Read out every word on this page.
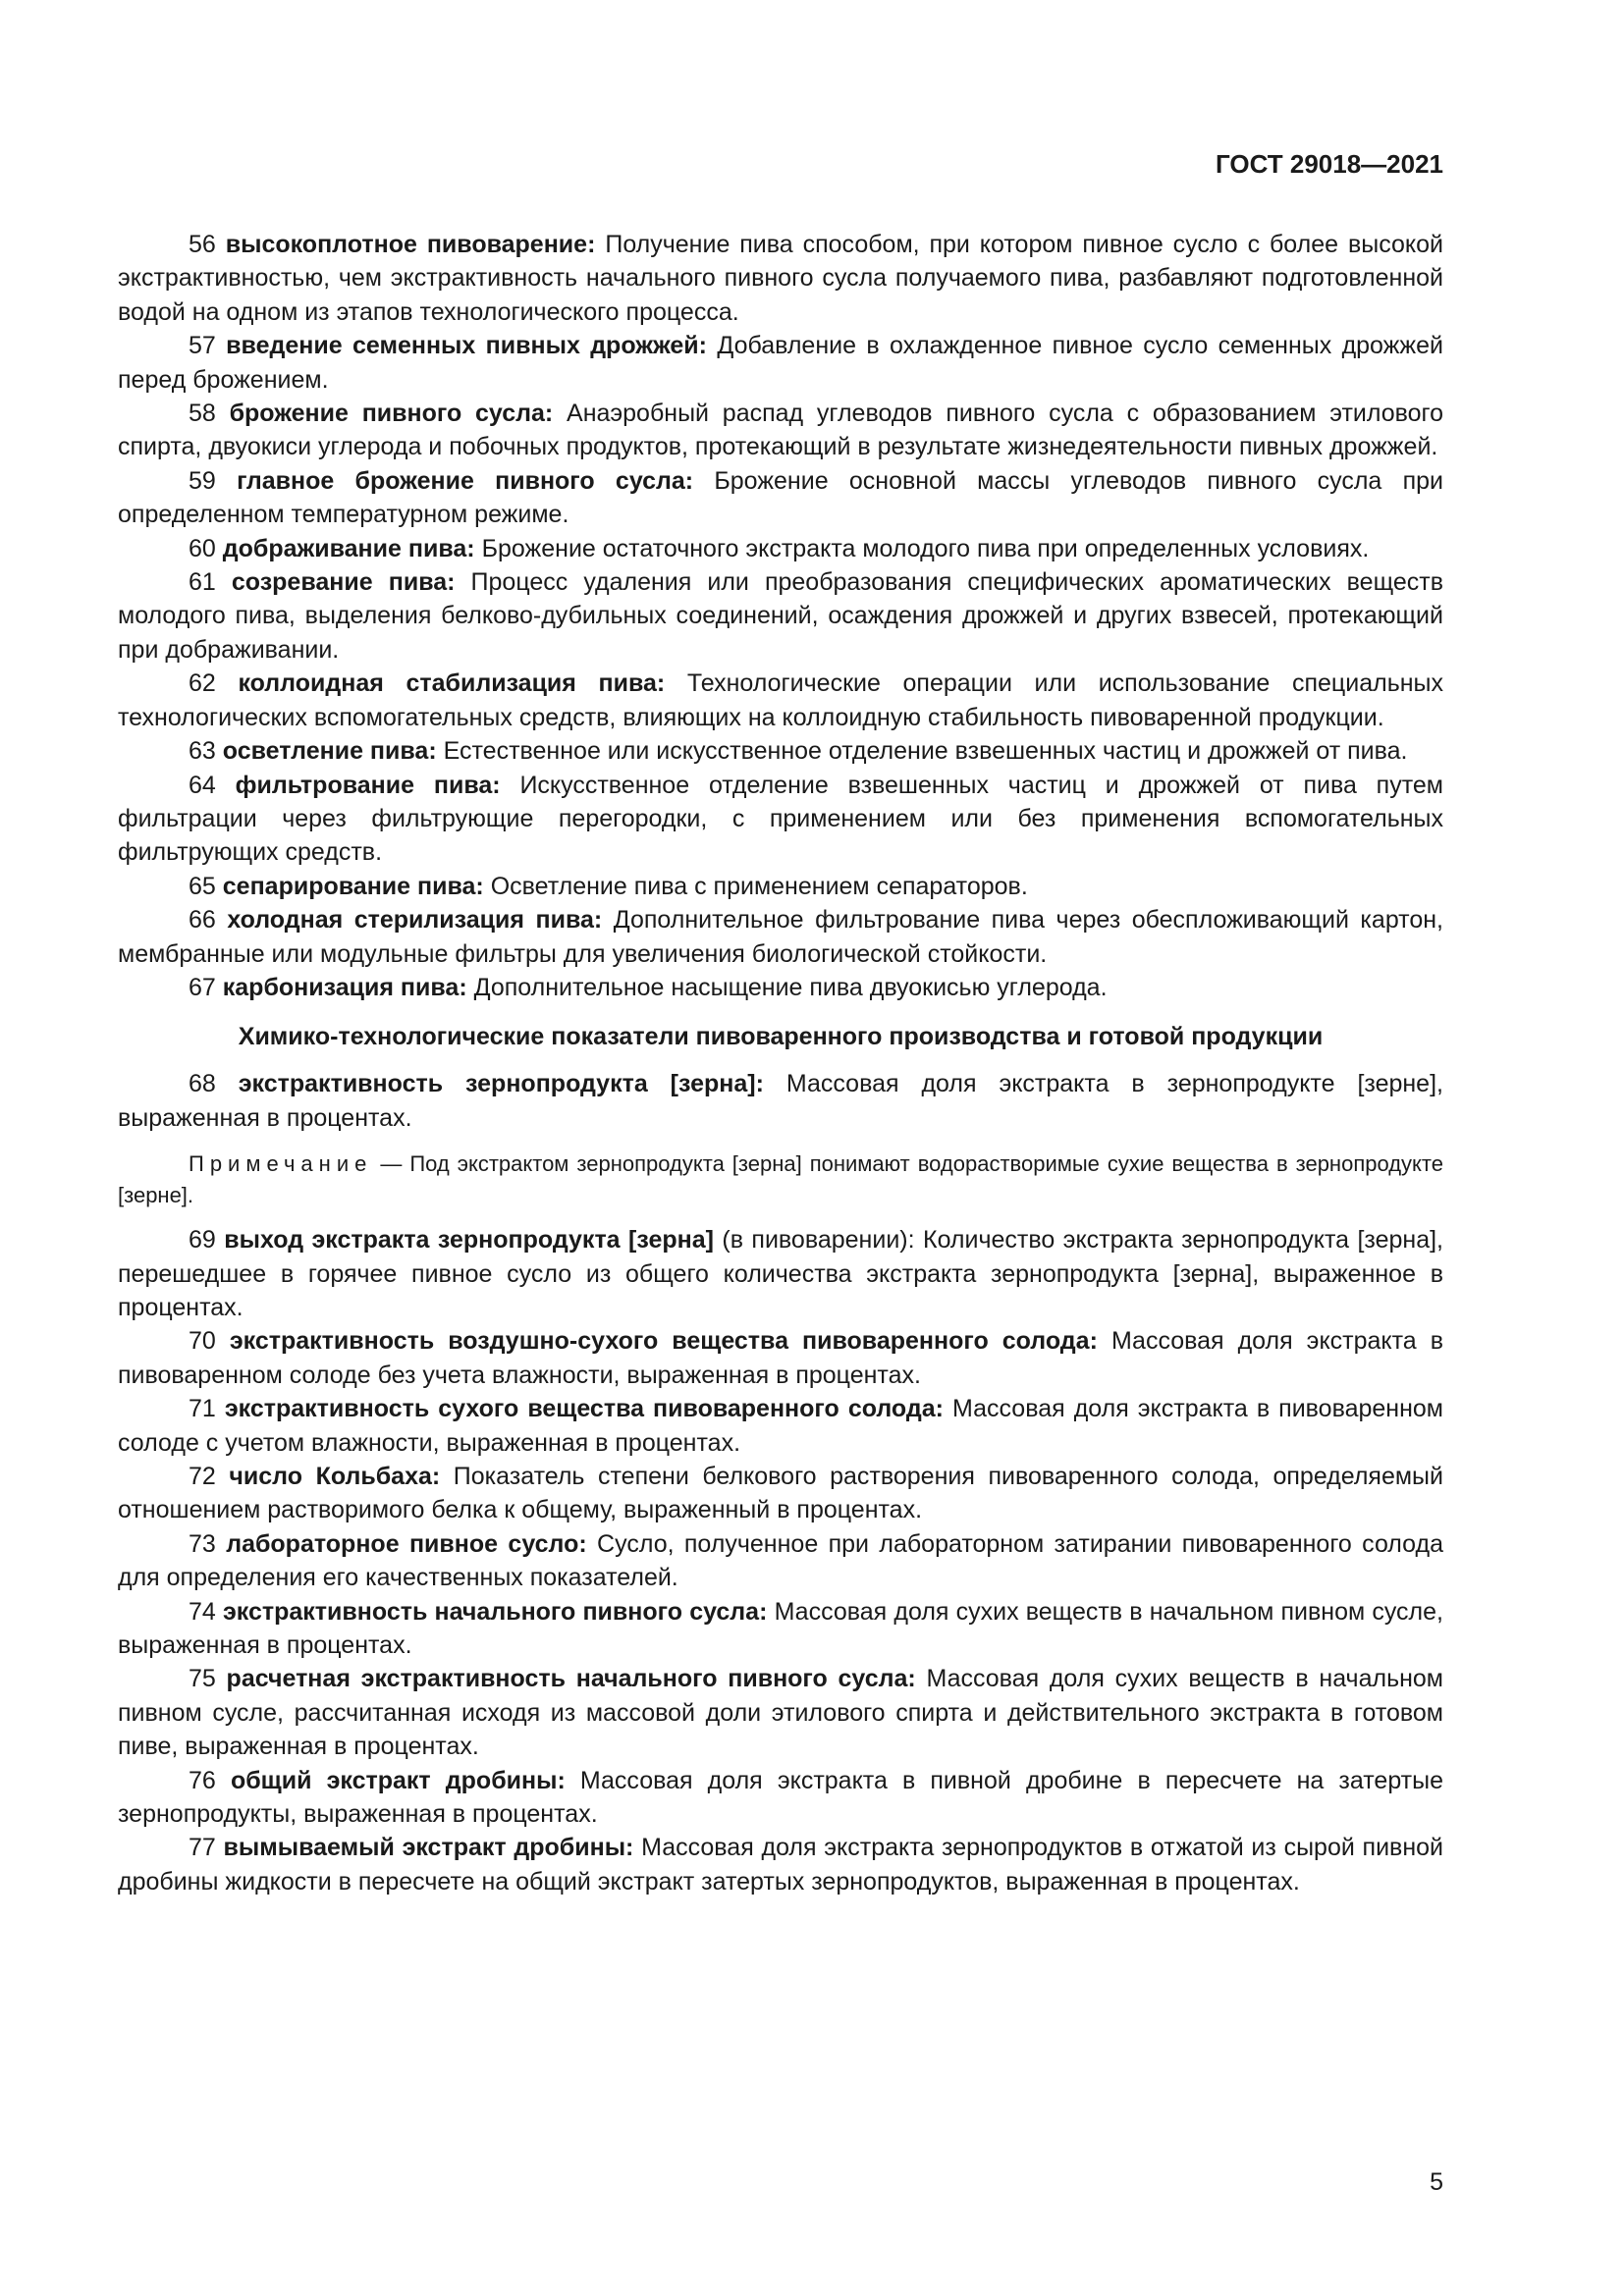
ГОСТ 29018—2021

56 высокоплотное пивоварение: Получение пива способом, при котором пивное сусло с более высокой экстрактивностью, чем экстрактивность начального пивного сусла получаемого пива, разбавляют подготовленной водой на одном из этапов технологического процесса.

57 введение семенных пивных дрожжей: Добавление в охлажденное пивное сусло семенных дрожжей перед брожением.

58 брожение пивного сусла: Анаэробный распад углеводов пивного сусла с образованием этилового спирта, двуокиси углерода и побочных продуктов, протекающий в результате жизнедеятельности пивных дрожжей.

59 главное брожение пивного сусла: Брожение основной массы углеводов пивного сусла при определенном температурном режиме.

60 дображивание пива: Брожение остаточного экстракта молодого пива при определенных условиях.

61 созревание пива: Процесс удаления или преобразования специфических ароматических веществ молодого пива, выделения белково-дубильных соединений, осаждения дрожжей и других взвесей, протекающий при дображивании.

62 коллоидная стабилизация пива: Технологические операции или использование специальных технологических вспомогательных средств, влияющих на коллоидную стабильность пивоваренной продукции.

63 осветление пива: Естественное или искусственное отделение взвешенных частиц и дрожжей от пива.

64 фильтрование пива: Искусственное отделение взвешенных частиц и дрожжей от пива путем фильтрации через фильтрующие перегородки, с применением или без применения вспомогательных фильтрующих средств.

65 сепарирование пива: Осветление пива с применением сепараторов.

66 холодная стерилизация пива: Дополнительное фильтрование пива через обеспложивающий картон, мембранные или модульные фильтры для увеличения биологической стойкости.

67 карбонизация пива: Дополнительное насыщение пива двуокисью углерода.

Химико-технологические показатели пивоваренного производства и готовой продукции

68 экстрактивность зернопродукта [зерна]: Массовая доля экстракта в зернопродукте [зерне], выраженная в процентах.

Примечание — Под экстрактом зернопродукта [зерна] понимают водорастворимые сухие вещества в зернопродукте [зерне].

69 выход экстракта зернопродукта [зерна] (в пивоварении): Количество экстракта зернопродукта [зерна], перешедшее в горячее пивное сусло из общего количества экстракта зернопродукта [зерна], выраженное в процентах.

70 экстрактивность воздушно-сухого вещества пивоваренного солода: Массовая доля экстракта в пивоваренном солоде без учета влажности, выраженная в процентах.

71 экстрактивность сухого вещества пивоваренного солода: Массовая доля экстракта в пивоваренном солоде с учетом влажности, выраженная в процентах.

72 число Кольбаха: Показатель степени белкового растворения пивоваренного солода, определяемый отношением растворимого белка к общему, выраженный в процентах.

73 лабораторное пивное сусло: Сусло, полученное при лабораторном затирании пивоваренного солода для определения его качественных показателей.

74 экстрактивность начального пивного сусла: Массовая доля сухих веществ в начальном пивном сусле, выраженная в процентах.

75 расчетная экстрактивность начального пивного сусла: Массовая доля сухих веществ в начальном пивном сусле, рассчитанная исходя из массовой доли этилового спирта и действительного экстракта в готовом пиве, выраженная в процентах.

76 общий экстракт дробины: Массовая доля экстракта в пивной дробине в пересчете на затертые зернопродукты, выраженная в процентах.

77 вымываемый экстракт дробины: Массовая доля экстракта зернопродуктов в отжатой из сырой пивной дробины жидкости в пересчете на общий экстракт затертых зернопродуктов, выраженная в процентах.

5
